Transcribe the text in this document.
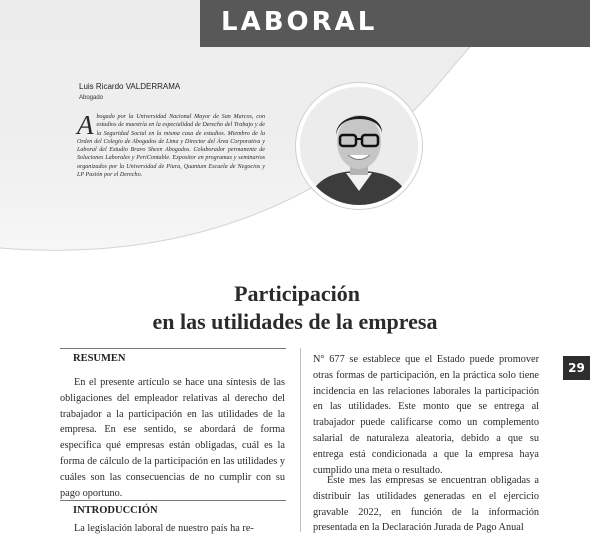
LABORAL
Luis Ricardo VALDERRAMA
Abogado
Abogado por la Universidad Nacional Mayor de San Marcos, con estudios de maestría en la especialidad de Derecho del Trabajo y de la Seguridad Social en la misma casa de estudios. Miembro de la Orden del Colegio de Abogados de Lima y Director del Área Corporativa y Laboral del Estudio Bravo Sheen Abogados. Colaborador permanente de Soluciones Laborales y PeriContable. Expositor en programas y seminarios organizados por la Universidad de Piura, Quantum Escuela de Negocios y LP Pasión por el Derecho.
Participación
en las utilidades de la empresa
RESUMEN

En el presente artículo se hace una síntesis de las obligaciones del empleador relativas al derecho del trabajador a la participación en las utilidades de la empresa. En ese sentido, se abordará de forma específica qué empresas están obligadas, cuál es la forma de cálculo de la participación en las utilidades y cuáles son las consecuencias de no cumplir con su pago oportuno.

INTRODUCCIÓN

La legislación laboral de nuestro país ha re-

N° 677 se establece que el Estado puede promover otras formas de participación, en la práctica solo tiene incidencia en las relaciones laborales la participación en las utilidades. Este monto que se entrega al trabajador puede calificarse como un complemento salarial de naturaleza aleatoria, debido a que su entrega está condicionada a que la empresa haya cumplido una meta o resultado.

Este mes las empresas se encuentran obligadas a distribuir las utilidades generadas en el ejercicio gravable 2022, en función de la información presentada en la Declaración Jurada de Pago Anual

29
